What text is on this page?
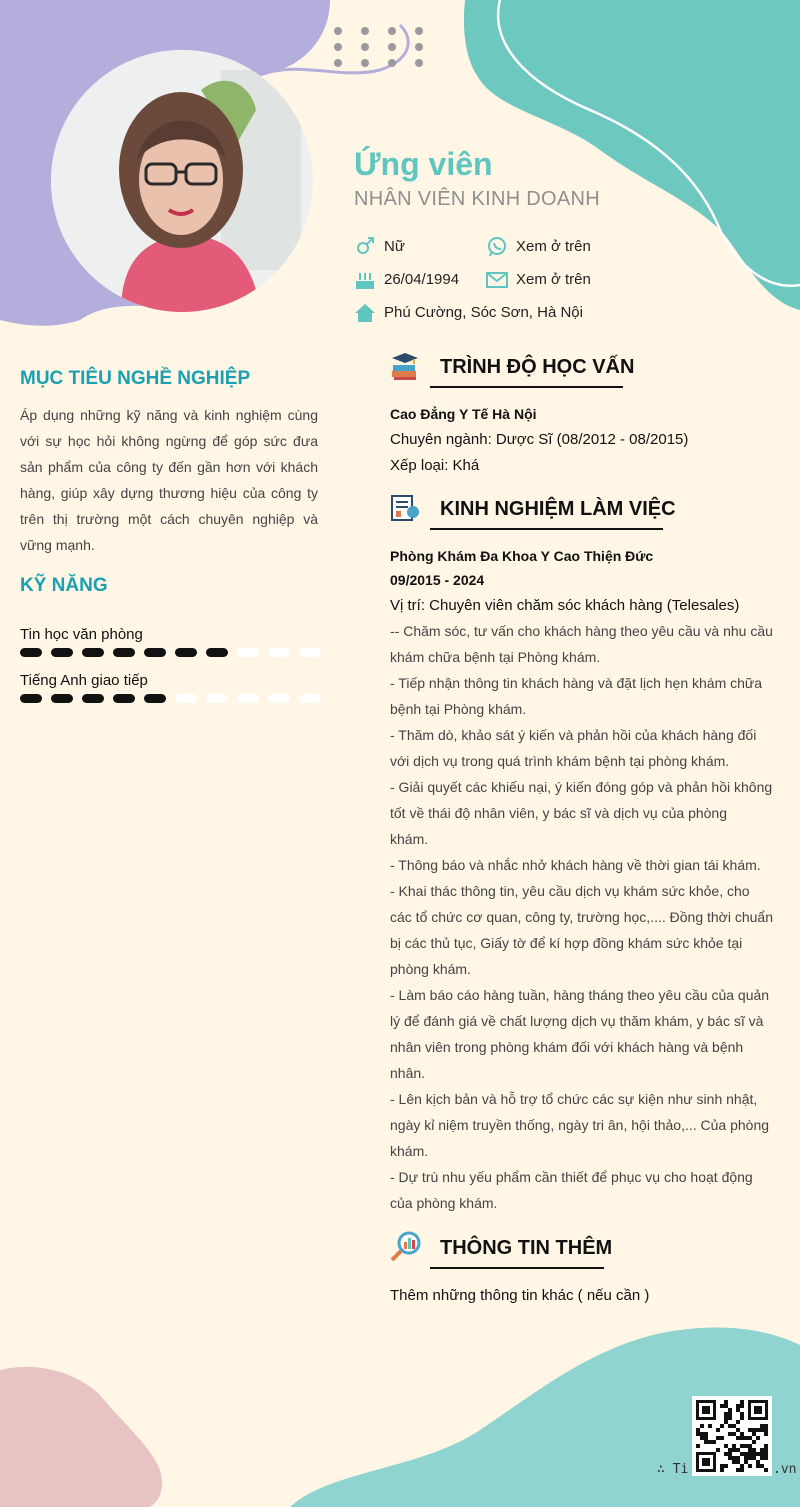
Ứng viên
NHÂN VIÊN KINH DOANH
Nữ	Xem ở trên
26/04/1994	Xem ở trên
Phú Cường, Sóc Sơn, Hà Nội
MỤC TIÊU NGHỀ NGHIỆP
Áp dụng những kỹ năng và kinh nghiệm cùng với sự học hỏi không ngừng để góp sức đưa sản phẩm của công ty đến gần hơn với khách hàng, giúp xây dựng thương hiệu của công ty trên thị trường một cách chuyên nghiệp và vững mạnh.
KỸ NĂNG
Tin học văn phòng
Tiếng Anh giao tiếp
TRÌNH ĐỘ HỌC VẤN
Cao Đẳng Y Tế Hà Nội
Chuyên ngành: Dược Sĩ (08/2012 - 08/2015)
Xếp loại: Khá
KINH NGHIỆM LÀM VIỆC
Phòng Khám Đa Khoa Y Cao Thiện Đức
09/2015 - 2024
Vị trí: Chuyên viên chăm sóc khách hàng (Telesales)
-- Chăm sóc, tư vấn cho khách hàng theo yêu cầu và nhu cầu
khám chữa bệnh tại Phòng khám.
- Tiếp nhận thông tin khách hàng và đặt lịch hẹn khám chữa
bệnh tại Phòng khám.
- Thăm dò, khảo sát ý kiến và phản hồi của khách hàng đối
với dịch vụ trong quá trình khám bệnh tại phòng khám.
- Giải quyết các khiếu nại, ý kiến đóng góp và phản hồi không
tốt về thái độ nhân viên, y bác sĩ và dịch vụ của phòng
khám.
- Thông báo và nhắc nhở khách hàng về thời gian tái khám.
- Khai thác thông tin, yêu cầu dịch vụ khám sức khỏe, cho
các tổ chức cơ quan, công ty, trường học,.... Đồng thời chuẩn
bị các thủ tục, Giấy tờ để kí hợp đồng khám sức khỏe tại
phòng khám.
- Làm báo cáo hàng tuần, hàng tháng theo yêu cầu của quản
lý để đánh giá về chất lượng dịch vụ thăm khám, y bác sĩ và
nhân viên trong phòng khám đối với khách hàng và bệnh
nhân.
- Lên kịch bản và hỗ trợ tổ chức các sự kiện như sinh nhật,
ngày kỉ niệm truyền thống, ngày tri ân, hội thảo,... Của phòng
khám.
- Dự trù nhu yếu phẩm cần thiết để phục vụ cho hoạt động
của phòng khám.
THÔNG TIN THÊM
Thêm những thông tin khác ( nếu cần )
∴ Ti	.vn
